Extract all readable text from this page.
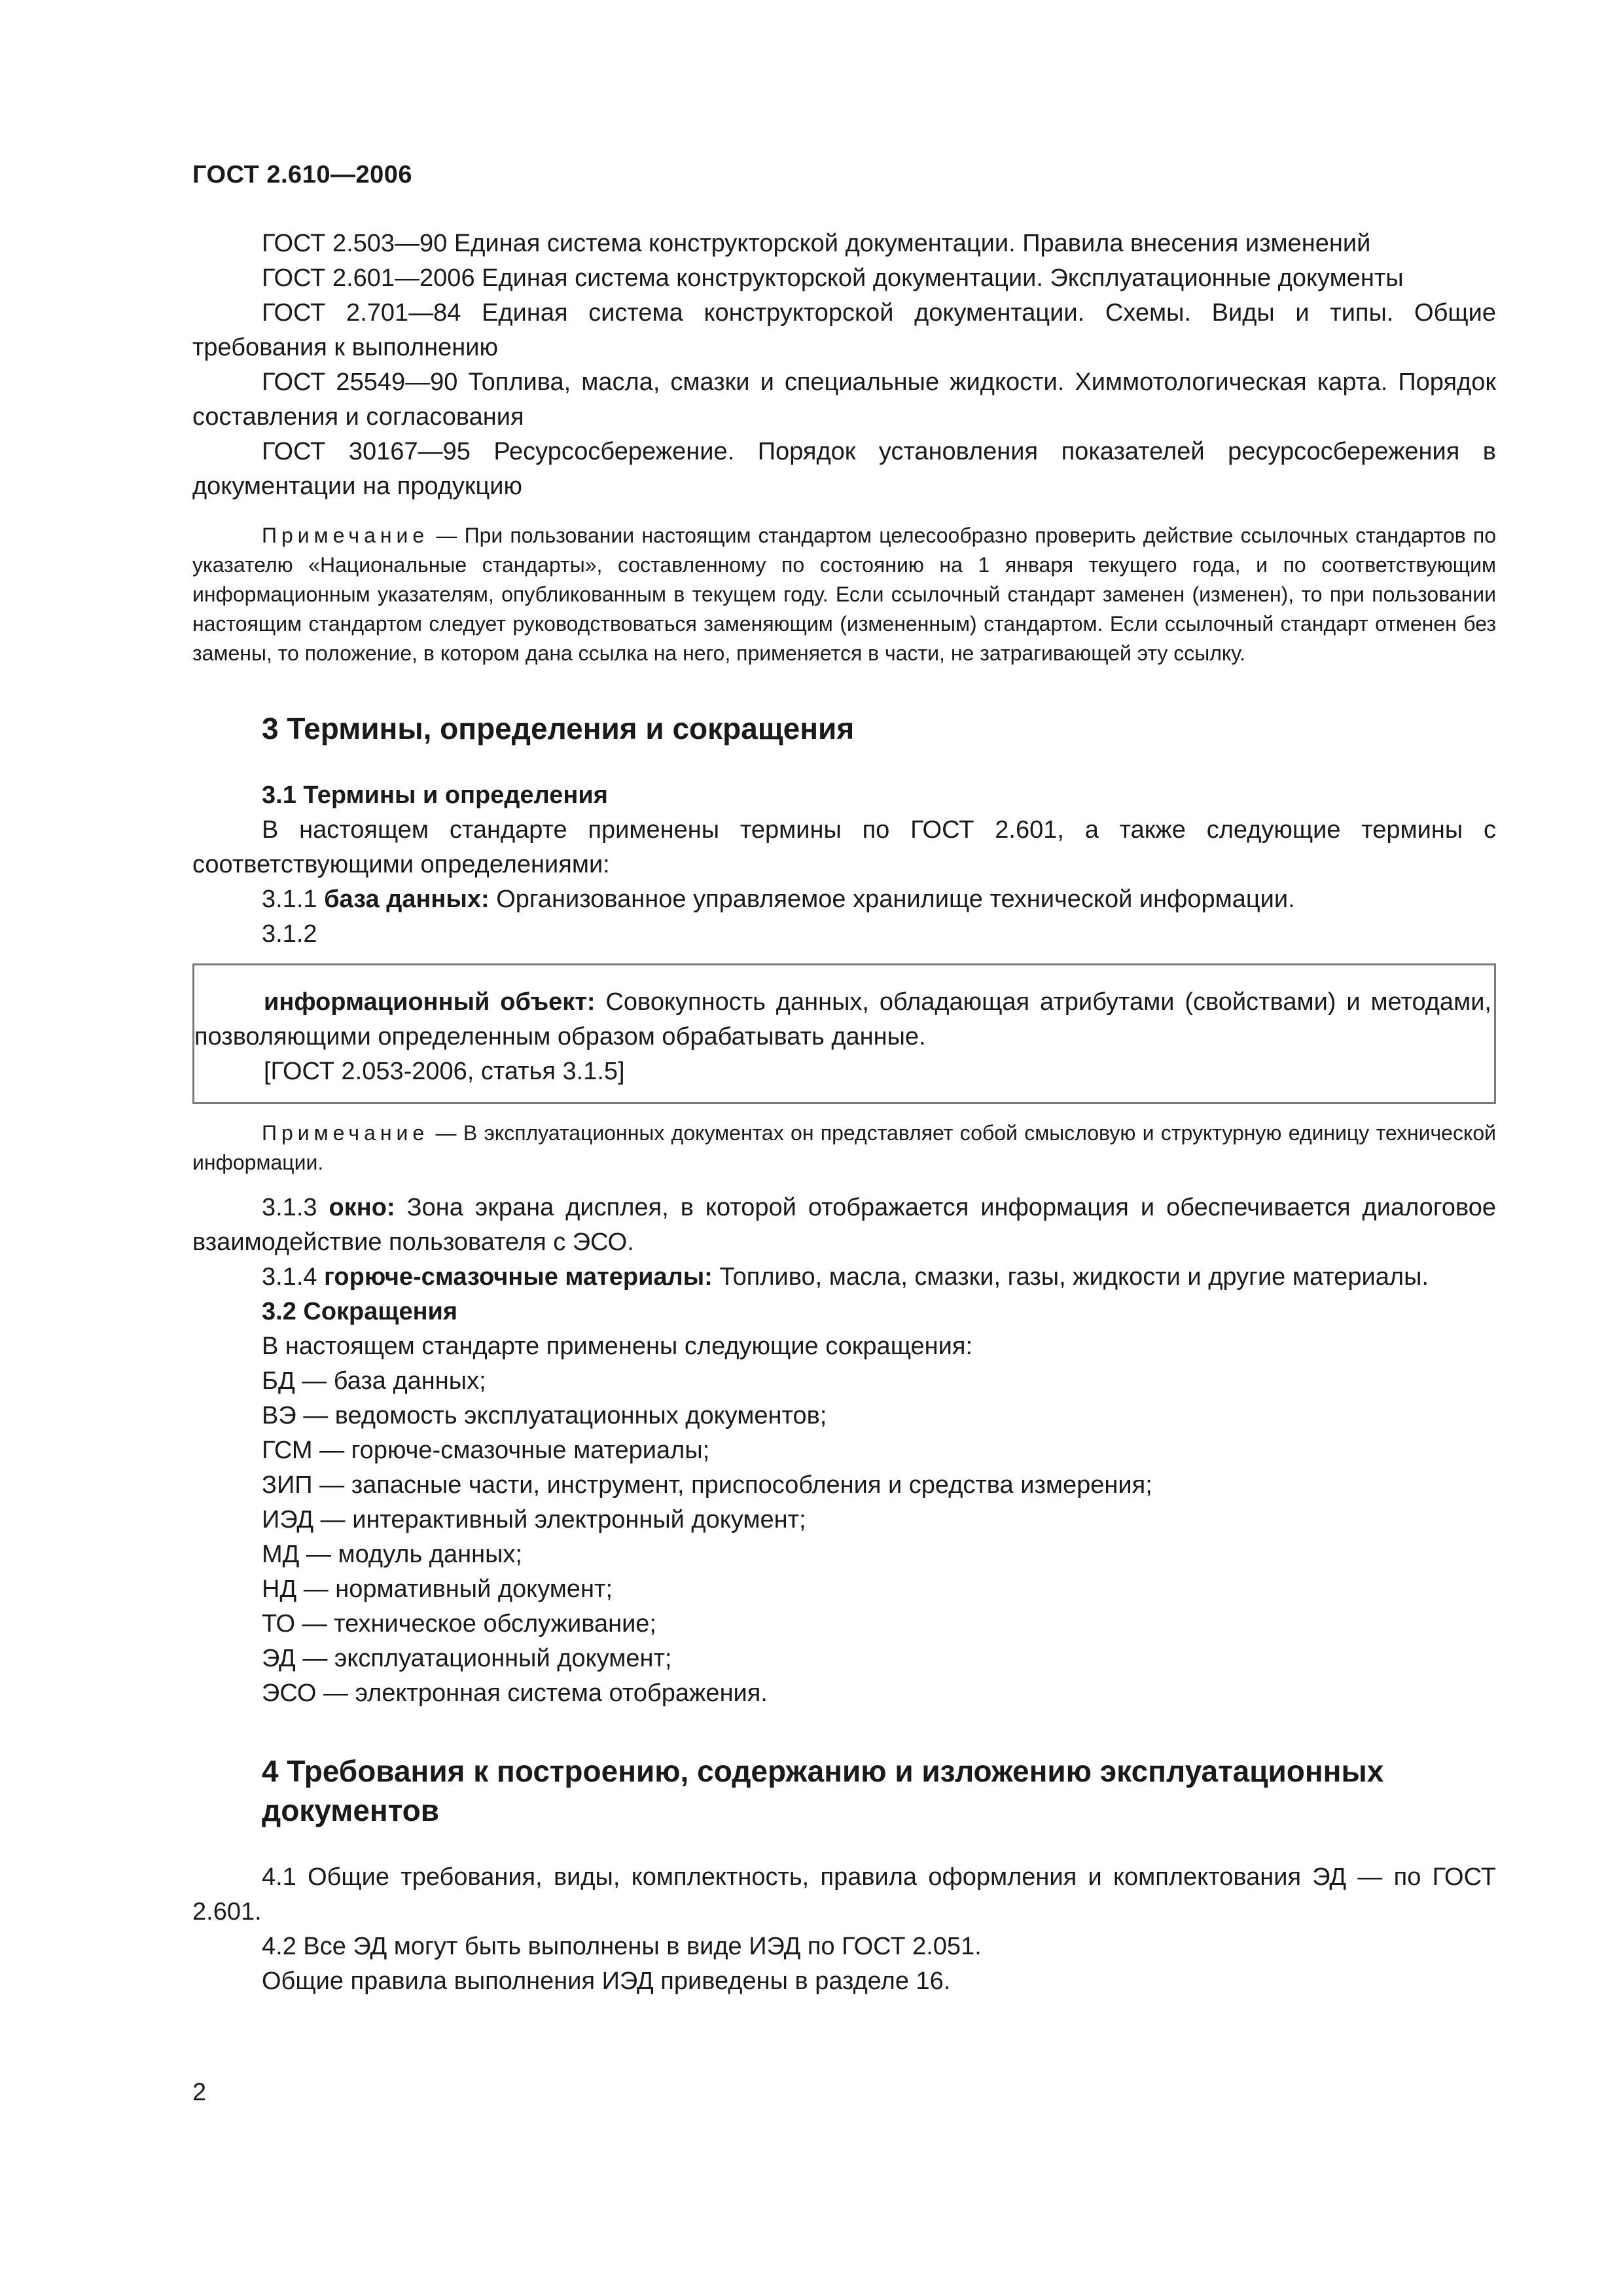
ГОСТ 2.610—2006

ГОСТ 2.503—90 Единая система конструкторской документации. Правила внесения изменений

ГОСТ 2.601—2006 Единая система конструкторской документации. Эксплуатационные документы

ГОСТ 2.701—84 Единая система конструкторской документации. Схемы. Виды и типы. Общие требования к выполнению

ГОСТ 25549—90 Топлива, масла, смазки и специальные жидкости. Химмотологическая карта. Порядок составления и согласования

ГОСТ 30167—95 Ресурсосбережение. Порядок установления показателей ресурсосбережения в документации на продукцию

Примечание — При пользовании настоящим стандартом целесообразно проверить действие ссылочных стандартов по указателю «Национальные стандарты», составленному по состоянию на 1 января текущего года, и по соответствующим информационным указателям, опубликованным в текущем году. Если ссылочный стандарт заменен (изменен), то при пользовании настоящим стандартом следует руководствоваться заменяющим (измененным) стандартом. Если ссылочный стандарт отменен без замены, то положение, в котором дана ссылка на него, применяется в части, не затрагивающей эту ссылку.

3 Термины, определения и сокращения

3.1 Термины и определения

В настоящем стандарте применены термины по ГОСТ 2.601, а также следующие термины с соответствующими определениями:

3.1.1 база данных: Организованное управляемое хранилище технической информации.

3.1.2

информационный объект: Совокупность данных, обладающая атрибутами (свойствами) и методами, позволяющими определенным образом обрабатывать данные.

[ГОСТ 2.053-2006, статья 3.1.5]

Примечание — В эксплуатационных документах он представляет собой смысловую и структурную единицу технической информации.

3.1.3 окно: Зона экрана дисплея, в которой отображается информация и обеспечивается диалоговое взаимодействие пользователя с ЭСО.

3.1.4 горюче-смазочные материалы: Топливо, масла, смазки, газы, жидкости и другие материалы.

3.2 Сокращения

В настоящем стандарте применены следующие сокращения:

БД — база данных;

ВЭ — ведомость эксплуатационных документов;

ГСМ — горюче-смазочные материалы;

ЗИП — запасные части, инструмент, приспособления и средства измерения;

ИЭД — интерактивный электронный документ;

МД — модуль данных;

НД — нормативный документ;

ТО — техническое обслуживание;

ЭД — эксплуатационный документ;

ЭСО — электронная система отображения.

4 Требования к построению, содержанию и изложению эксплуатационных документов

4.1 Общие требования, виды, комплектность, правила оформления и комплектования ЭД — по ГОСТ 2.601.

4.2 Все ЭД могут быть выполнены в виде ИЭД по ГОСТ 2.051.

Общие правила выполнения ИЭД приведены в разделе 16.

2
